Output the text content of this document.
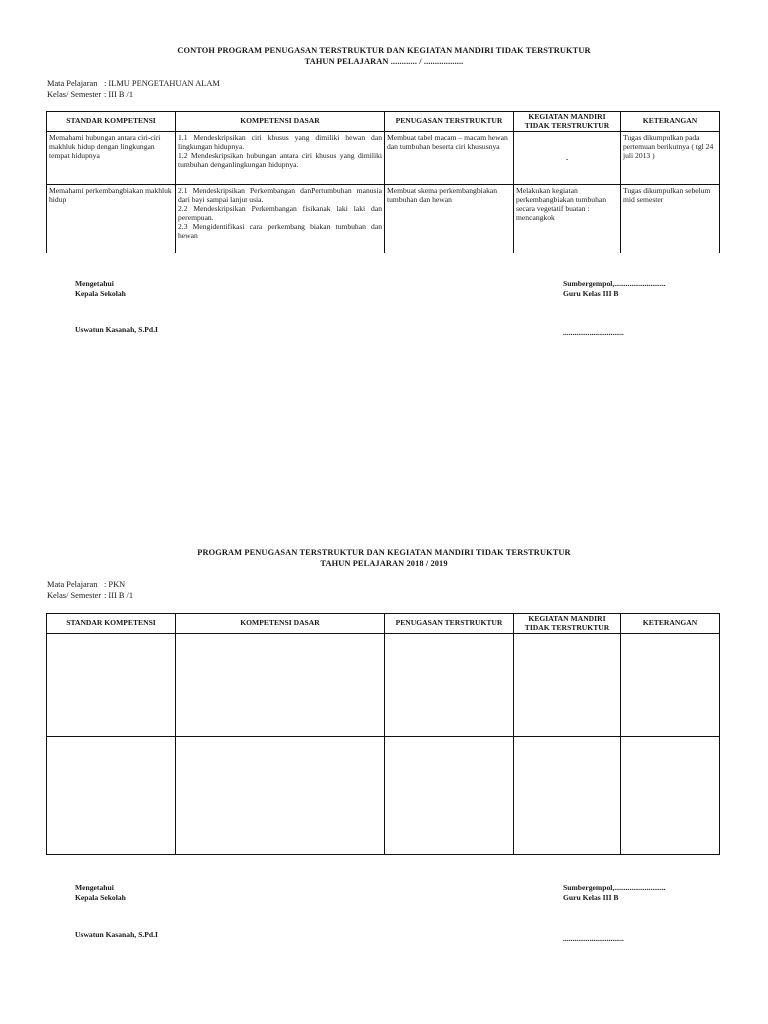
CONTOH PROGRAM PENUGASAN TERSTRUKTUR DAN KEGIATAN MANDIRI TIDAK TERSTRUKTUR
TAHUN PELAJARAN ............ / ..................
Mata Pelajaran : ILMU PENGETAHUAN ALAM
Kelas/ Semester : III B /1
STANDAR KOMPETENSI	KOMPETENSI DASAR	PENUGASAN TERSTRUKTUR	KEGIATAN MANDIRI TIDAK TERSTRUKTUR	KETERANGAN
Memahami hubungan antara ciri-ciri makhluk hidup dengan lingkungan tempat hidupnya	1.1 Mendeskripsikan ciri khusus yang dimiliki hewan dan lingkungan hidupnya.
1.2 Mendeskripsikan hubungan antara ciri khusus yang dimiliki tumbuhan denganlingkungan hidupnya.	Membuat tabel macam – macam hewan dan tumbuhan beserta ciri khususnya	-	Tugas dikumpulkan pada pertemuan berikutnya ( tgl 24 juli 2013 )
Memahami perkembangbiakan makhluk hidup	2.1 Mendeskripsikan Perkembangan danPertumbuhan manusia dari bayi sampai lanjut usia.
2.2 Mendeskripsikan Perkembangan fisikanak laki laki dan perempuan.
2.3 Mengidentifikasi cara perkembang biakan tumbuhan dan hewan	Membuat skema perkembangbiakan tumbuhan dan hewan	Melakukan kegiatan perkembangbiakan tumbuhan secara vegetatif buatan : mencangkok	Tugas dikumpulkan sebelum mid semester
Mengetahui
Kepala Sekolah
Uswatun Kasanah, S.Pd.I
Sumbergempol,...........................
Guru Kelas III B
................................
PROGRAM PENUGASAN TERSTRUKTUR DAN KEGIATAN MANDIRI TIDAK TERSTRUKTUR
TAHUN PELAJARAN 2018 / 2019
Mata Pelajaran : PKN
Kelas/ Semester : III B /1
STANDAR KOMPETENSI	KOMPETENSI DASAR	PENUGASAN TERSTRUKTUR	KEGIATAN MANDIRI TIDAK TERSTRUKTUR	KETERANGAN

Mengetahui
Kepala Sekolah
Uswatun Kasanah, S.Pd.I
Sumbergempol,...........................
Guru Kelas III B
................................
